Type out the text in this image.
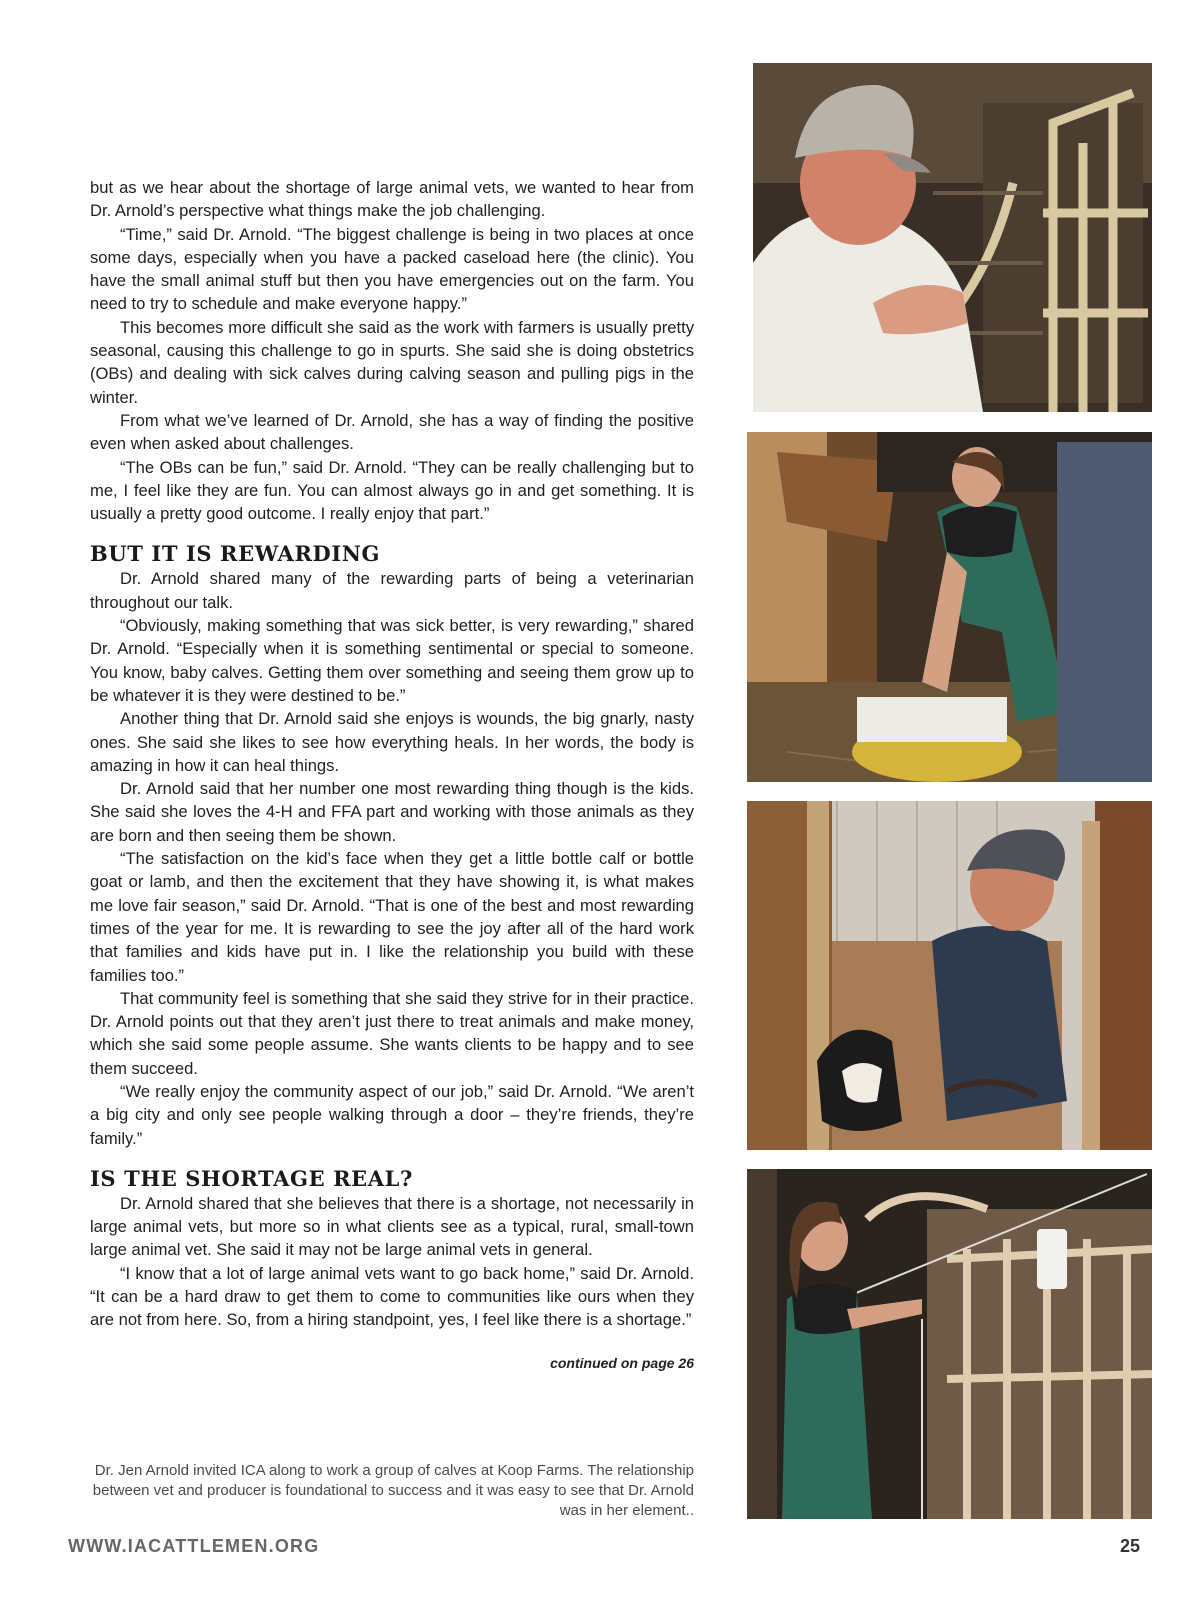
but as we hear about the shortage of large animal vets, we wanted to hear from Dr. Arnold’s perspective what things make the job challenging.

“Time,” said Dr. Arnold. “The biggest challenge is being in two places at once some days, especially when you have a packed caseload here (the clinic). You have the small animal stuff but then you have emergencies out on the farm. You need to try to schedule and make everyone happy.”

This becomes more difficult she said as the work with farmers is usually pretty seasonal, causing this challenge to go in spurts. She said she is doing obstetrics (OBs) and dealing with sick calves during calving season and pulling pigs in the winter.

From what we’ve learned of Dr. Arnold, she has a way of finding the positive even when asked about challenges.

“The OBs can be fun,” said Dr. Arnold. “They can be really challenging but to me, I feel like they are fun. You can almost always go in and get something. It is usually a pretty good outcome. I really enjoy that part.”

BUT IT IS REWARDING

Dr. Arnold shared many of the rewarding parts of being a veterinarian throughout our talk.

“Obviously, making something that was sick better, is very rewarding,” shared Dr. Arnold. “Especially when it is something sentimental or special to someone. You know, baby calves. Getting them over something and seeing them grow up to be whatever it is they were destined to be.”

Another thing that Dr. Arnold said she enjoys is wounds, the big gnarly, nasty ones. She said she likes to see how everything heals. In her words, the body is amazing in how it can heal things.

Dr. Arnold said that her number one most rewarding thing though is the kids. She said she loves the 4-H and FFA part and working with those animals as they are born and then seeing them be shown.

“The satisfaction on the kid’s face when they get a little bottle calf or bottle goat or lamb, and then the excitement that they have showing it, is what makes me love fair season,” said Dr. Arnold. “That is one of the best and most rewarding times of the year for me. It is rewarding to see the joy after all of the hard work that families and kids have put in. I like the relationship you build with these families too.”

That community feel is something that she said they strive for in their practice. Dr. Arnold points out that they aren’t just there to treat animals and make money, which she said some people assume. She wants clients to be happy and to see them succeed.

“We really enjoy the community aspect of our job,” said Dr. Arnold. “We aren’t a big city and only see people walking through a door – they’re friends, they’re family.”

IS THE SHORTAGE REAL?

Dr. Arnold shared that she believes that there is a shortage, not necessarily in large animal vets, but more so in what clients see as a typical, rural, small-town large animal vet. She said it may not be large animal vets in general.

“I know that a lot of large animal vets want to go back home,” said Dr. Arnold. “It can be a hard draw to get them to come to communities like ours when they are not from here. So, from a hiring standpoint, yes, I feel like there is a shortage.”

continued on page 26
Dr. Jen Arnold invited ICA along to work a group of calves at Koop Farms. The relationship between vet and producer is foundational to success and it was easy to see that Dr. Arnold was in her element..
WWW.IACATTLEMEN.ORG	25
